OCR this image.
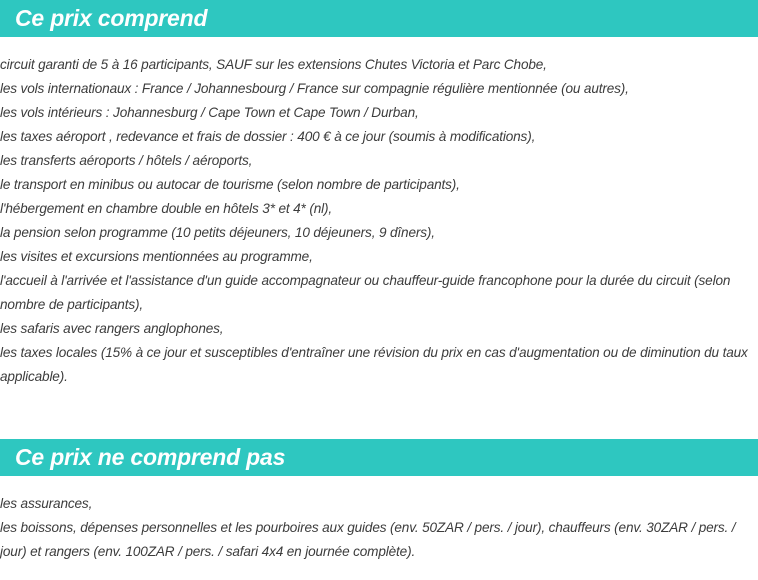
Ce prix comprend
circuit garanti de 5 à 16 participants, SAUF sur les extensions Chutes Victoria et Parc Chobe,
les vols internationaux : France / Johannesbourg / France sur compagnie régulière mentionnée (ou autres),
les vols intérieurs : Johannesburg / Cape Town et Cape Town / Durban,
les taxes aéroport , redevance et frais de dossier : 400 € à ce jour (soumis à modifications),
les transferts aéroports / hôtels / aéroports,
le transport en minibus ou autocar de tourisme (selon nombre de participants),
l'hébergement en chambre double en hôtels 3* et 4* (nl),
la pension selon programme (10 petits déjeuners, 10 déjeuners, 9 dîners),
les visites et excursions mentionnées au programme,
l'accueil à l'arrivée et l'assistance d'un guide accompagnateur ou chauffeur-guide francophone pour la durée du circuit (selon nombre de participants),
les safaris avec rangers anglophones,
les taxes locales (15% à ce jour et susceptibles d'entraîner une révision du prix en cas d'augmentation ou de diminution du taux applicable).
Ce prix ne comprend pas
les assurances,
les boissons, dépenses personnelles et les pourboires aux guides (env. 50ZAR / pers. / jour), chauffeurs (env. 30ZAR / pers. / jour) et rangers (env. 100ZAR / pers. / safari 4x4 en journée complète).
